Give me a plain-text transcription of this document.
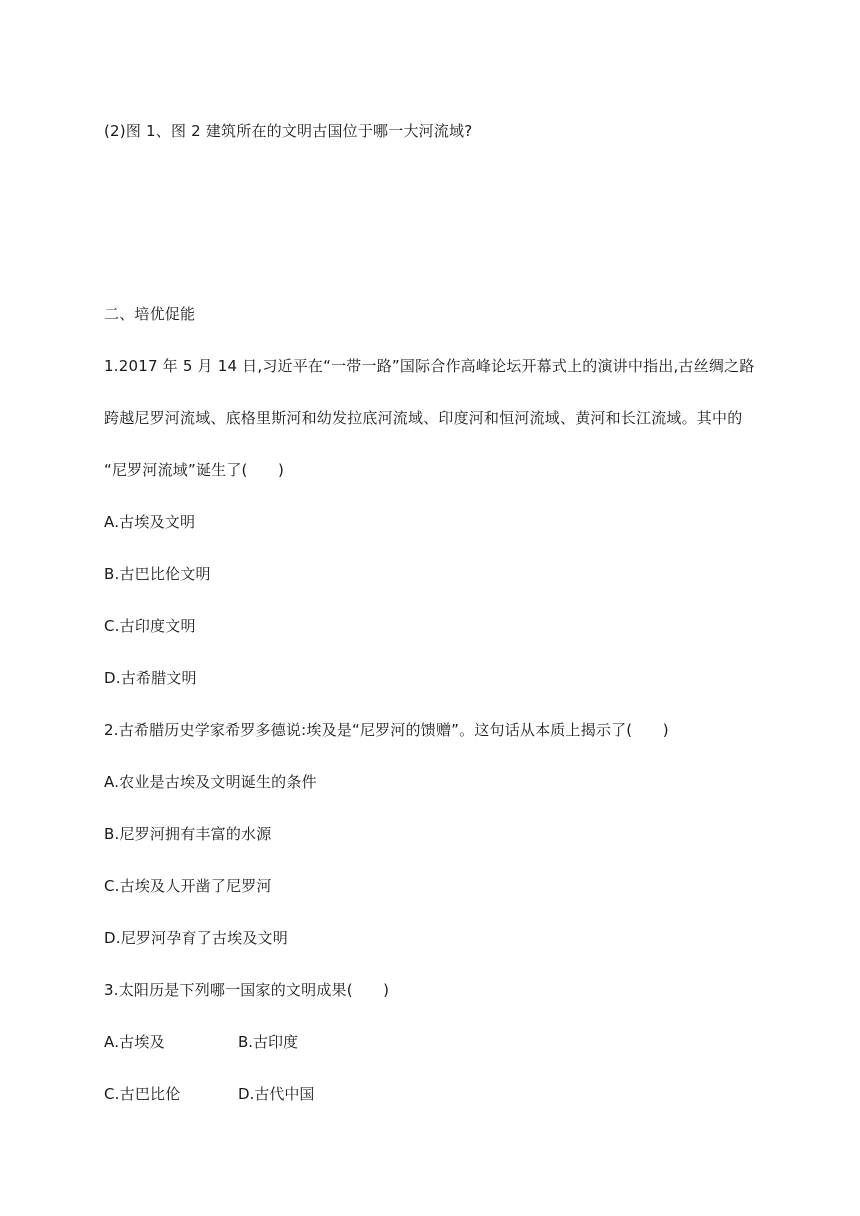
(2)图 1、图 2 建筑所在的文明古国位于哪一大河流域?
二、培优促能
1.2017 年 5 月 14 日,习近平在“一带一路”国际合作高峰论坛开幕式上的演讲中指出,古丝绸之路
跨越尼罗河流域、底格里斯河和幼发拉底河流域、印度河和恒河流域、黄河和长江流域。其中的
“尼罗河流域”诞生了(　　)
A.古埃及文明
B.古巴比伦文明
C.古印度文明
D.古希腊文明
2.古希腊历史学家希罗多德说:埃及是“尼罗河的馈赠”。这句话从本质上揭示了(　　)
A.农业是古埃及文明诞生的条件
B.尼罗河拥有丰富的水源
C.古埃及人开凿了尼罗河
D.尼罗河孕育了古埃及文明
3.太阳历是下列哪一国家的文明成果(　　)
A.古埃及	B.古印度
C.古巴比伦	D.古代中国
